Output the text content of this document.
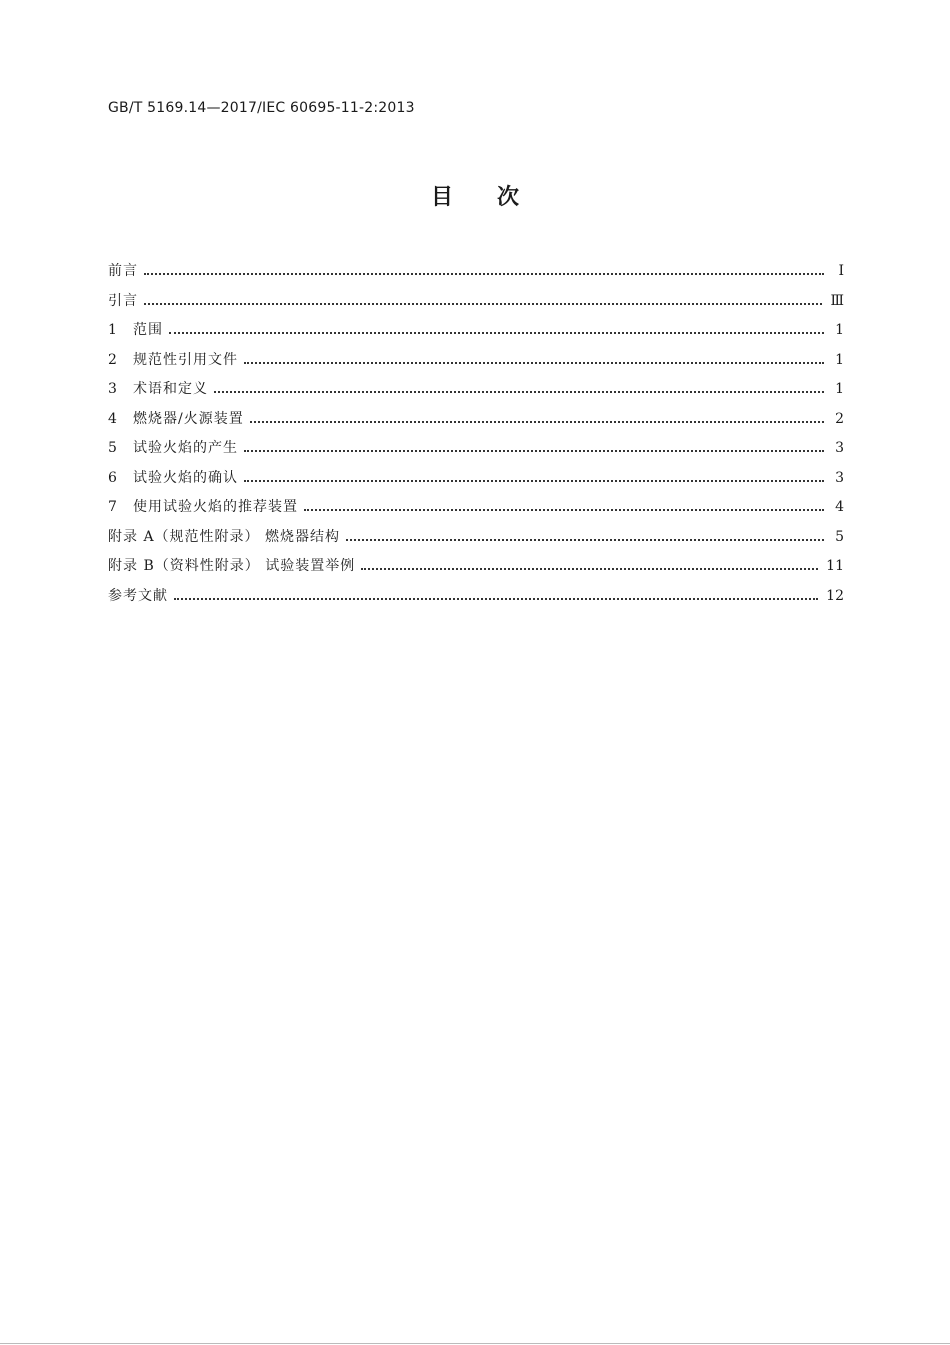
GB/T 5169.14—2017/IEC 60695-11-2:2013
目次
前言	Ⅰ
引言	Ⅲ
1	范围	1
2	规范性引用文件	1
3	术语和定义	1
4	燃烧器/火源装置	2
5	试验火焰的产生	3
6	试验火焰的确认	3
7	使用试验火焰的推荐装置	4
附录 A（规范性附录） 燃烧器结构	5
附录 B（资料性附录） 试验装置举例	11
参考文献	12
